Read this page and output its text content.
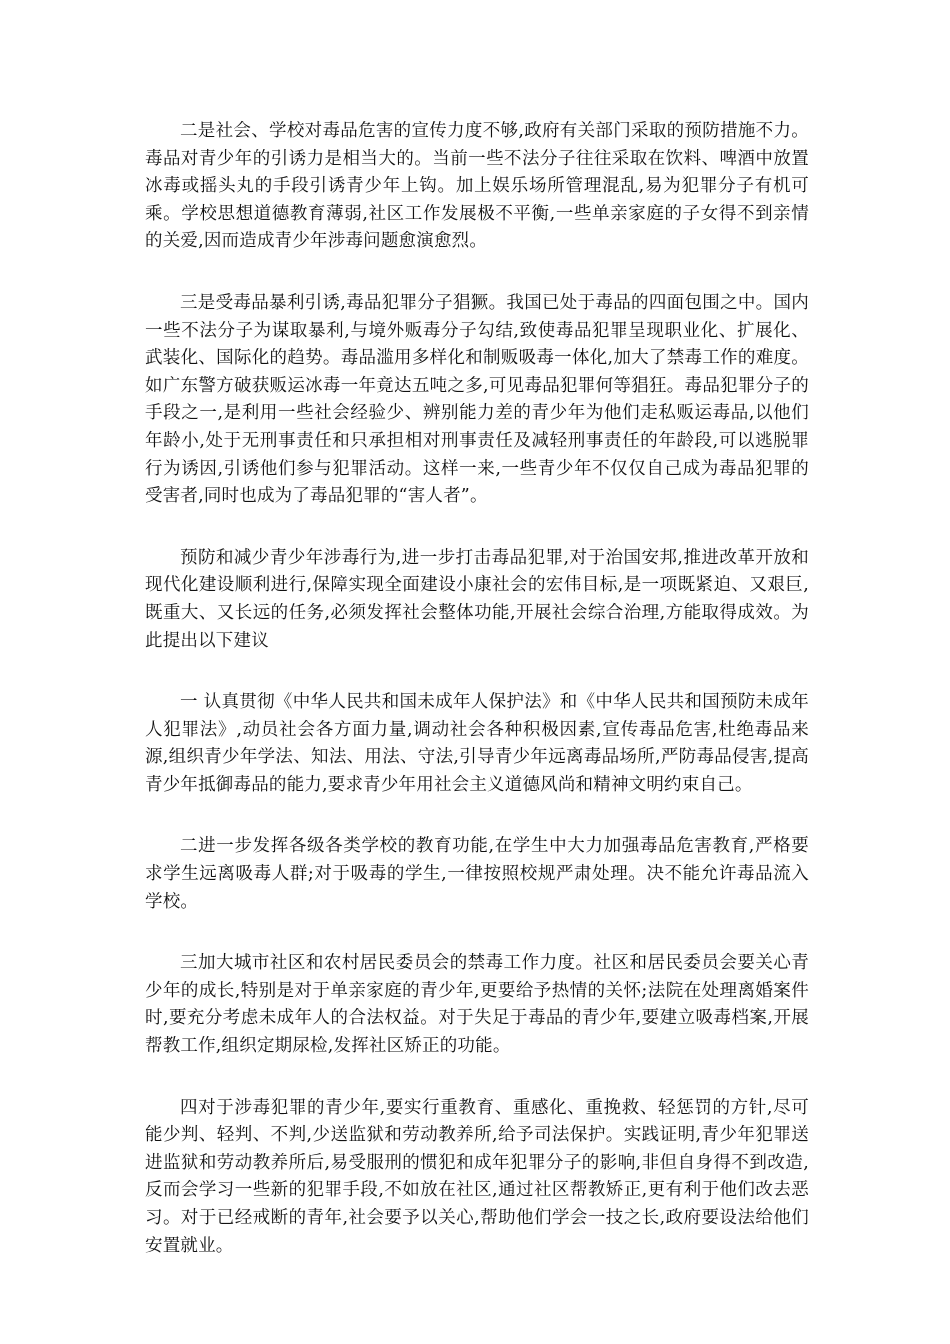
二是社会、学校对毒品危害的宣传力度不够,政府有关部门采取的预防措施不力。毒品对青少年的引诱力是相当大的。当前一些不法分子往往采取在饮料、啤酒中放置冰毒或摇头丸的手段引诱青少年上钩。加上娱乐场所管理混乱,易为犯罪分子有机可乘。学校思想道德教育薄弱,社区工作发展极不平衡,一些单亲家庭的子女得不到亲情的关爱,因而造成青少年涉毒问题愈演愈烈。

三是受毒品暴利引诱,毒品犯罪分子猖獗。我国已处于毒品的四面包围之中。国内一些不法分子为谋取暴利,与境外贩毒分子勾结,致使毒品犯罪呈现职业化、扩展化、武装化、国际化的趋势。毒品滥用多样化和制贩吸毒一体化,加大了禁毒工作的难度。如广东警方破获贩运冰毒一年竟达五吨之多,可见毒品犯罪何等猖狂。毒品犯罪分子的手段之一,是利用一些社会经验少、辨别能力差的青少年为他们走私贩运毒品,以他们年龄小,处于无刑事责任和只承担相对刑事责任及减轻刑事责任的年龄段,可以逃脱罪行为诱因,引诱他们参与犯罪活动。这样一来,一些青少年不仅仅自己成为毒品犯罪的受害者,同时也成为了毒品犯罪的“害人者”。

预防和减少青少年涉毒行为,进一步打击毒品犯罪,对于治国安邦,推进改革开放和现代化建设顺利进行,保障实现全面建设小康社会的宏伟目标,是一项既紧迫、又艰巨,既重大、又长远的任务,必须发挥社会整体功能,开展社会综合治理,方能取得成效。为此提出以下建议

一 认真贯彻《中华人民共和国未成年人保护法》和《中华人民共和国预防未成年人犯罪法》,动员社会各方面力量,调动社会各种积极因素,宣传毒品危害,杜绝毒品来源,组织青少年学法、知法、用法、守法,引导青少年远离毒品场所,严防毒品侵害,提高青少年抵御毒品的能力,要求青少年用社会主义道德风尚和精神文明约束自己。

二进一步发挥各级各类学校的教育功能,在学生中大力加强毒品危害教育,严格要求学生远离吸毒人群;对于吸毒的学生,一律按照校规严肃处理。决不能允许毒品流入学校。

三加大城市社区和农村居民委员会的禁毒工作力度。社区和居民委员会要关心青少年的成长,特别是对于单亲家庭的青少年,更要给予热情的关怀;法院在处理离婚案件时,要充分考虑未成年人的合法权益。对于失足于毒品的青少年,要建立吸毒档案,开展帮教工作,组织定期尿检,发挥社区矫正的功能。

四对于涉毒犯罪的青少年,要实行重教育、重感化、重挽救、轻惩罚的方针,尽可能少判、轻判、不判,少送监狱和劳动教养所,给予司法保护。实践证明,青少年犯罪送进监狱和劳动教养所后,易受服刑的惯犯和成年犯罪分子的影响,非但自身得不到改造,反而会学习一些新的犯罪手段,不如放在社区,通过社区帮教矫正,更有利于他们改去恶习。对于已经戒断的青年,社会要予以关心,帮助他们学会一技之长,政府要设法给他们安置就业。
